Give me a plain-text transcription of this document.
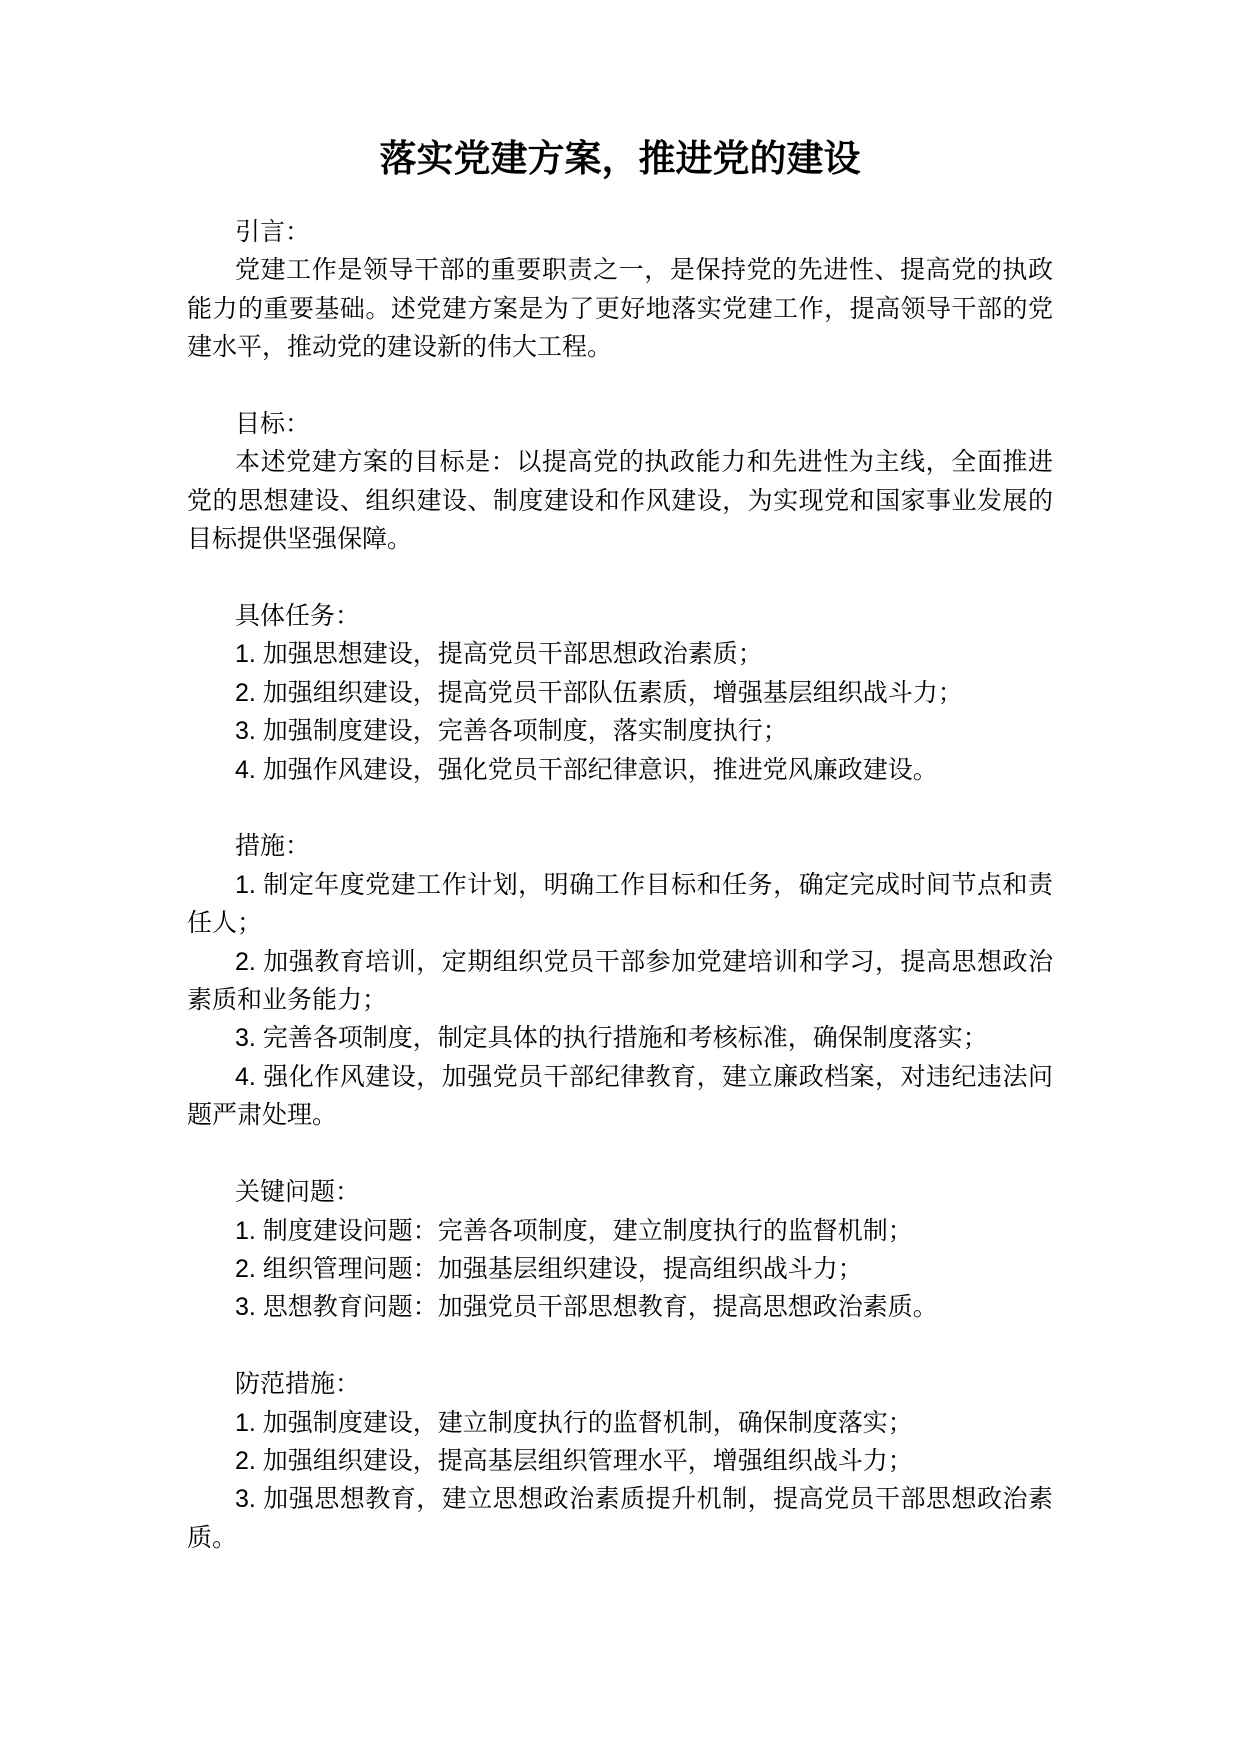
落实党建方案，推进党的建设

引言：

党建工作是领导干部的重要职责之一，是保持党的先进性、提高党的执政能力的重要基础。述党建方案是为了更好地落实党建工作，提高领导干部的党建水平，推动党的建设新的伟大工程。

目标：

本述党建方案的目标是：以提高党的执政能力和先进性为主线，全面推进党的思想建设、组织建设、制度建设和作风建设，为实现党和国家事业发展的目标提供坚强保障。

具体任务：

1. 加强思想建设，提高党员干部思想政治素质；

2. 加强组织建设，提高党员干部队伍素质，增强基层组织战斗力；

3. 加强制度建设，完善各项制度，落实制度执行；

4. 加强作风建设，强化党员干部纪律意识，推进党风廉政建设。

措施：

1. 制定年度党建工作计划，明确工作目标和任务，确定完成时间节点和责任人；

2. 加强教育培训，定期组织党员干部参加党建培训和学习，提高思想政治素质和业务能力；

3. 完善各项制度，制定具体的执行措施和考核标准，确保制度落实；

4. 强化作风建设，加强党员干部纪律教育，建立廉政档案，对违纪违法问题严肃处理。

关键问题：

1. 制度建设问题：完善各项制度，建立制度执行的监督机制；

2. 组织管理问题：加强基层组织建设，提高组织战斗力；

3. 思想教育问题：加强党员干部思想教育，提高思想政治素质。

防范措施：

1. 加强制度建设，建立制度执行的监督机制，确保制度落实；

2. 加强组织建设，提高基层组织管理水平，增强组织战斗力；

3. 加强思想教育，建立思想政治素质提升机制，提高党员干部思想政治素质。
